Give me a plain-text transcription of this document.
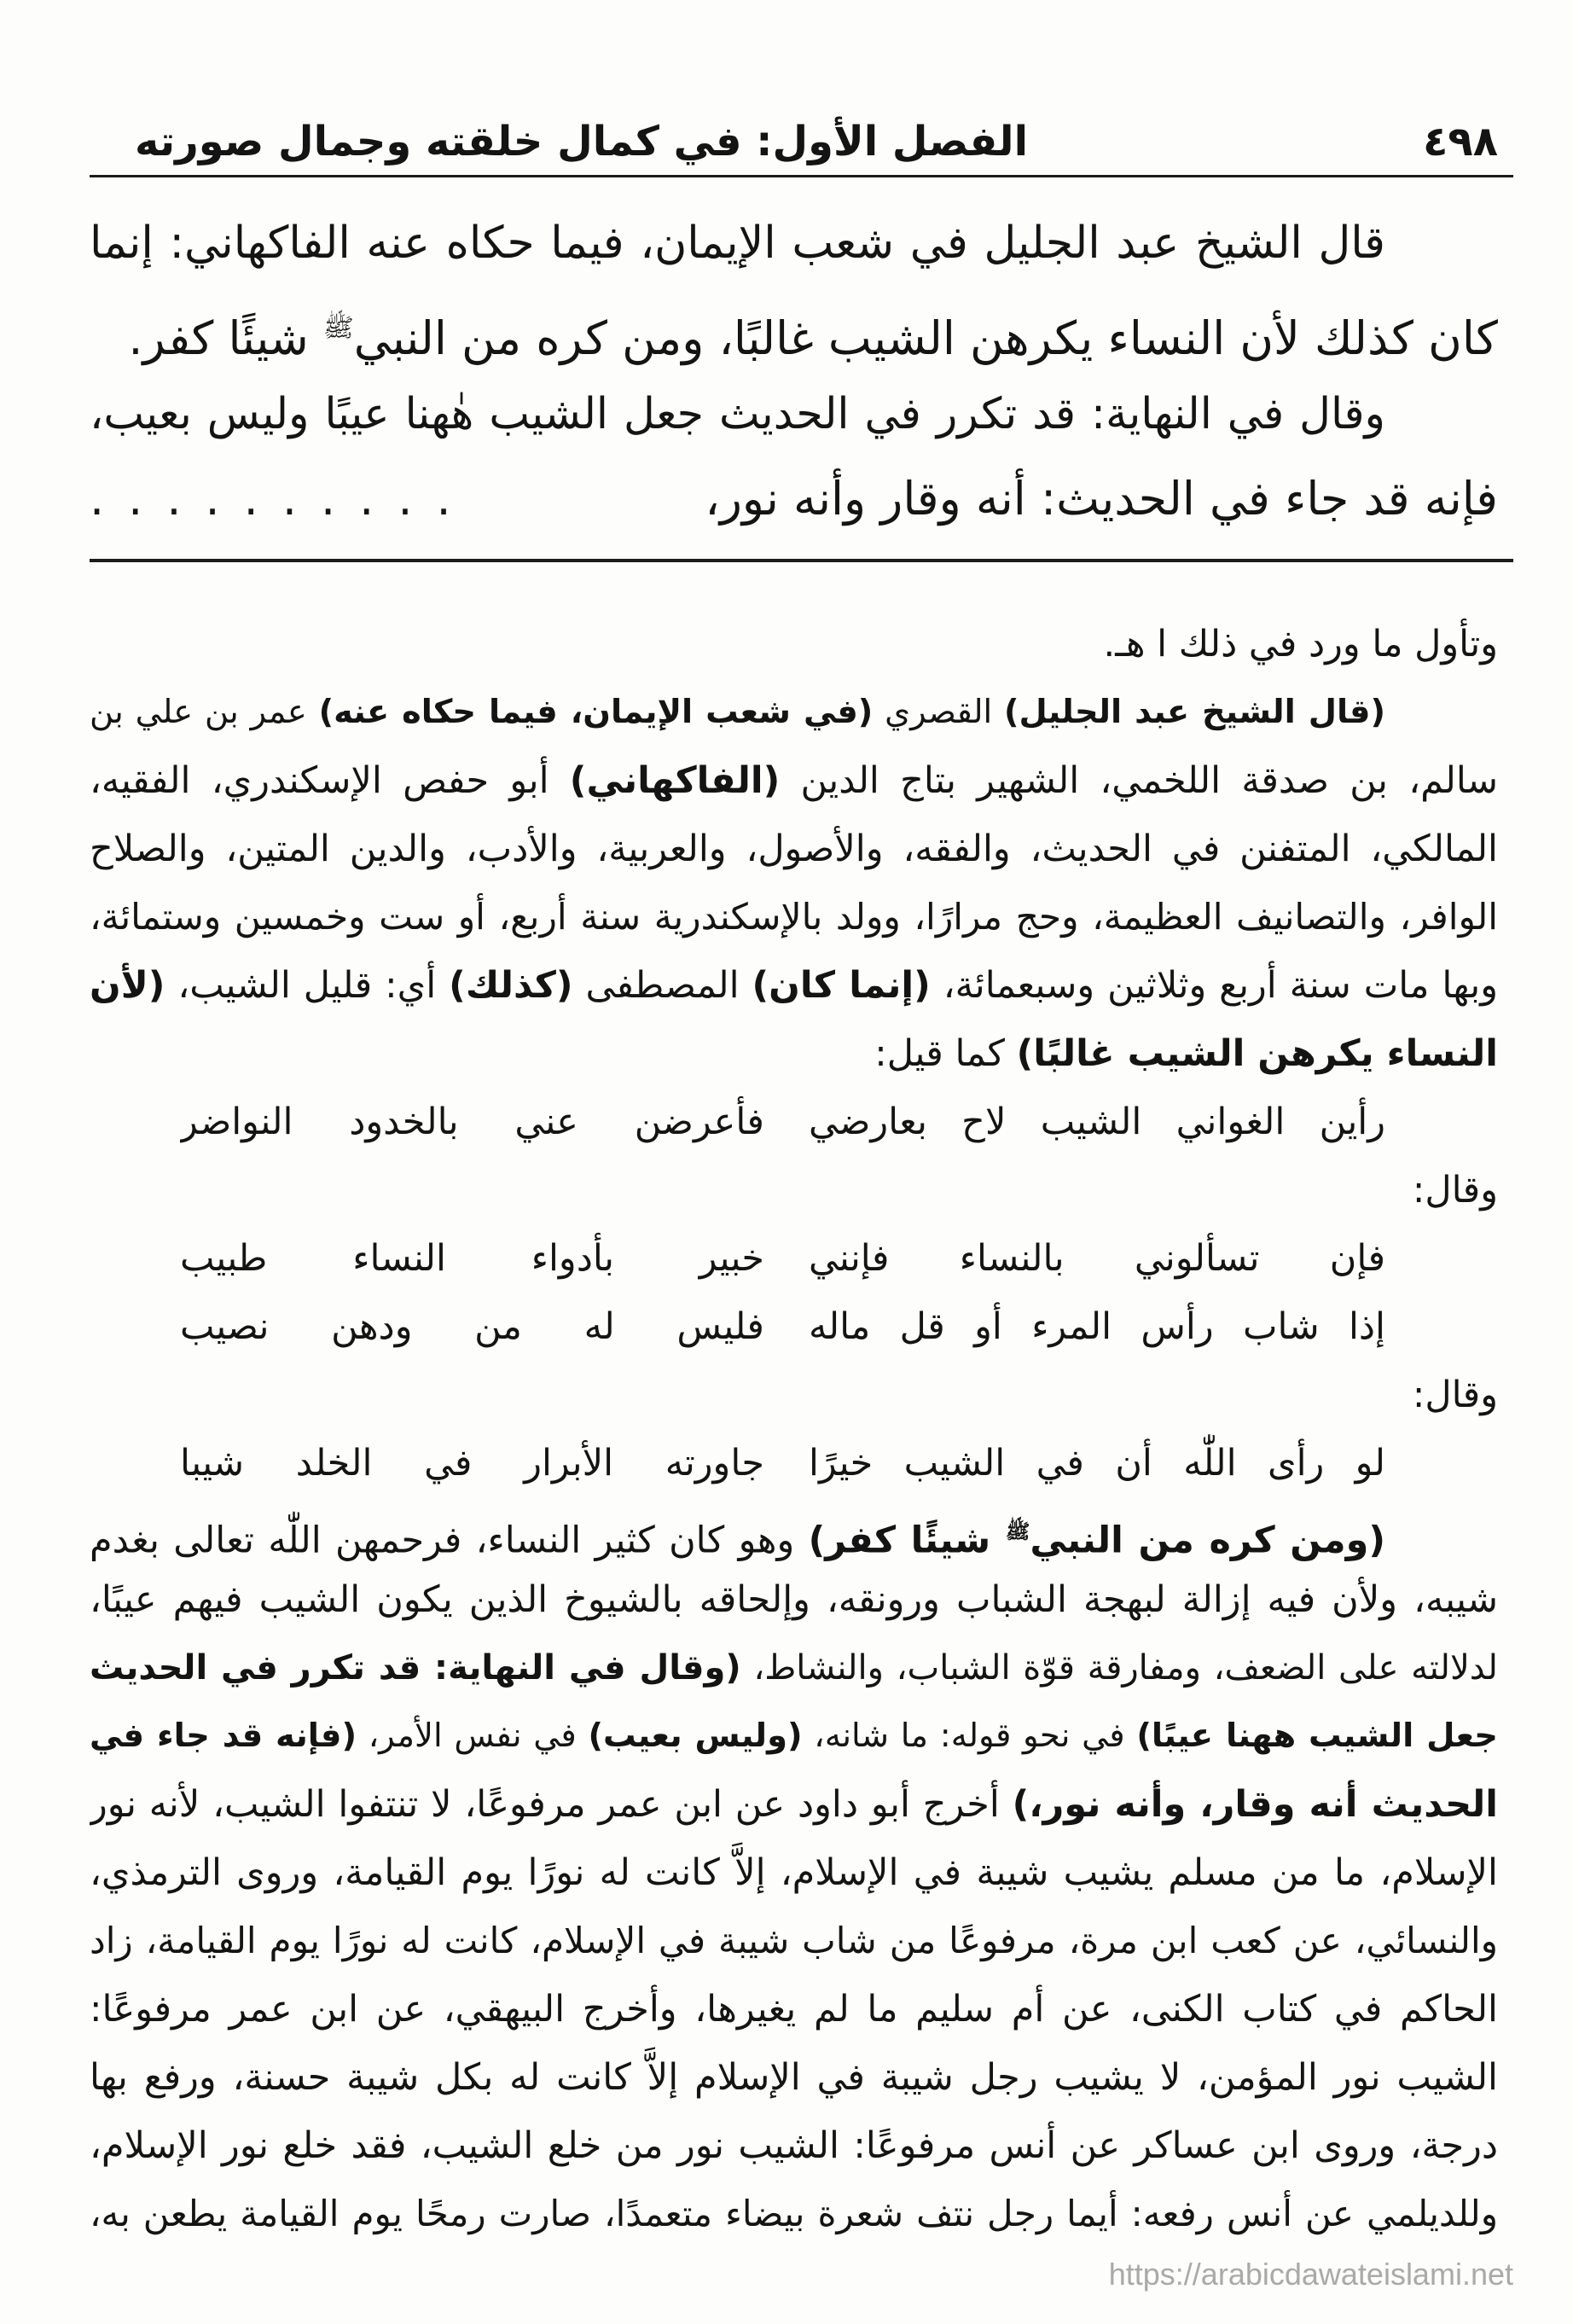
٤٩٨
الفصل الأول: في كمال خلقته وجمال صورته
قال الشيخ عبد الجليل في شعب الإيمان، فيما حكاه عنه الفاكهاني: إنما
كان كذلك لأن النساء يكرهن الشيب غالبًا، ومن كره من النبي$^ﷺ$ شيئًا كفر.
وقال في النهاية: قد تكرر في الحديث جعل الشيب هٰهنا عيبًا وليس بعيب،
فإنه قد جاء في الحديث: أنه وقار وأنه نور،
..........
وتأول ما ورد في ذلك ا هـ.
(قال الشيخ عبد الجليل) القصري (في شعب الإيمان، فيما حكاه عنه) عمر بن علي بن
سالم، بن صدقة اللخمي، الشهير بتاج الدين (الفاكهاني) أبو حفص الإسكندري، الفقيه،
المالكي، المتفنن في الحديث، والفقه، والأصول، والعربية، والأدب، والدين المتين، والصلاح
الوافر، والتصانيف العظيمة، وحج مرارًا، وولد بالإسكندرية سنة أربع، أو ست وخمسين وستمائة،
وبها مات سنة أربع وثلاثين وسبعمائة، (إنما كان) المصطفى (كذلك) أي: قليل الشيب، (لأن
النساء يكرهن الشيب غالبًا) كما قيل:
رأين الغواني الشيب لاح بعارضي
فأعرضن عني بالخدود النواضر
وقال:
فإن تسألوني بالنساء فإنني
خبير بأدواء النساء طبيب
إذا شاب رأس المرء أو قل ماله
فليس له من ودهن نصيب
وقال:
لو رأى اللّٰه أن في الشيب خيرًا
جاورته الأبرار في الخلد شيبا
(ومن كره من النبي$^ﷺ$ شيئًا كفر) وهو كان كثير النساء، فرحمهن اللّٰه تعالى بغدم
شيبه، ولأن فيه إزالة لبهجة الشباب ورونقه، وإلحاقه بالشيوخ الذين يكون الشيب فيهم عيبًا،
لدلالته على الضعف، ومفارقة قوّة الشباب، والنشاط، (وقال في النهاية: قد تكرر في الحديث
جعل الشيب ههنا عيبًا) في نحو قوله: ما شانه، (وليس بعيب) في نفس الأمر، (فإنه قد جاء في
الحديث أنه وقار، وأنه نور،) أخرج أبو داود عن ابن عمر مرفوعًا، لا تنتفوا الشيب، لأنه نور
الإسلام، ما من مسلم يشيب شيبة في الإسلام، إلاَّ كانت له نورًا يوم القيامة، وروى الترمذي،
والنسائي، عن كعب ابن مرة، مرفوعًا من شاب شيبة في الإسلام، كانت له نورًا يوم القيامة، زاد
الحاكم في كتاب الكنى، عن أم سليم ما لم يغيرها، وأخرج البيهقي، عن ابن عمر مرفوعًا:
الشيب نور المؤمن، لا يشيب رجل شيبة في الإسلام إلاَّ كانت له بكل شيبة حسنة، ورفع بها
درجة، وروى ابن عساكر عن أنس مرفوعًا: الشيب نور من خلع الشيب، فقد خلع نور الإسلام،
وللديلمي عن أنس رفعه: أيما رجل نتف شعرة بيضاء متعمدًا، صارت رمحًا يوم القيامة يطعن به،
https://arabicdawateislami.net
